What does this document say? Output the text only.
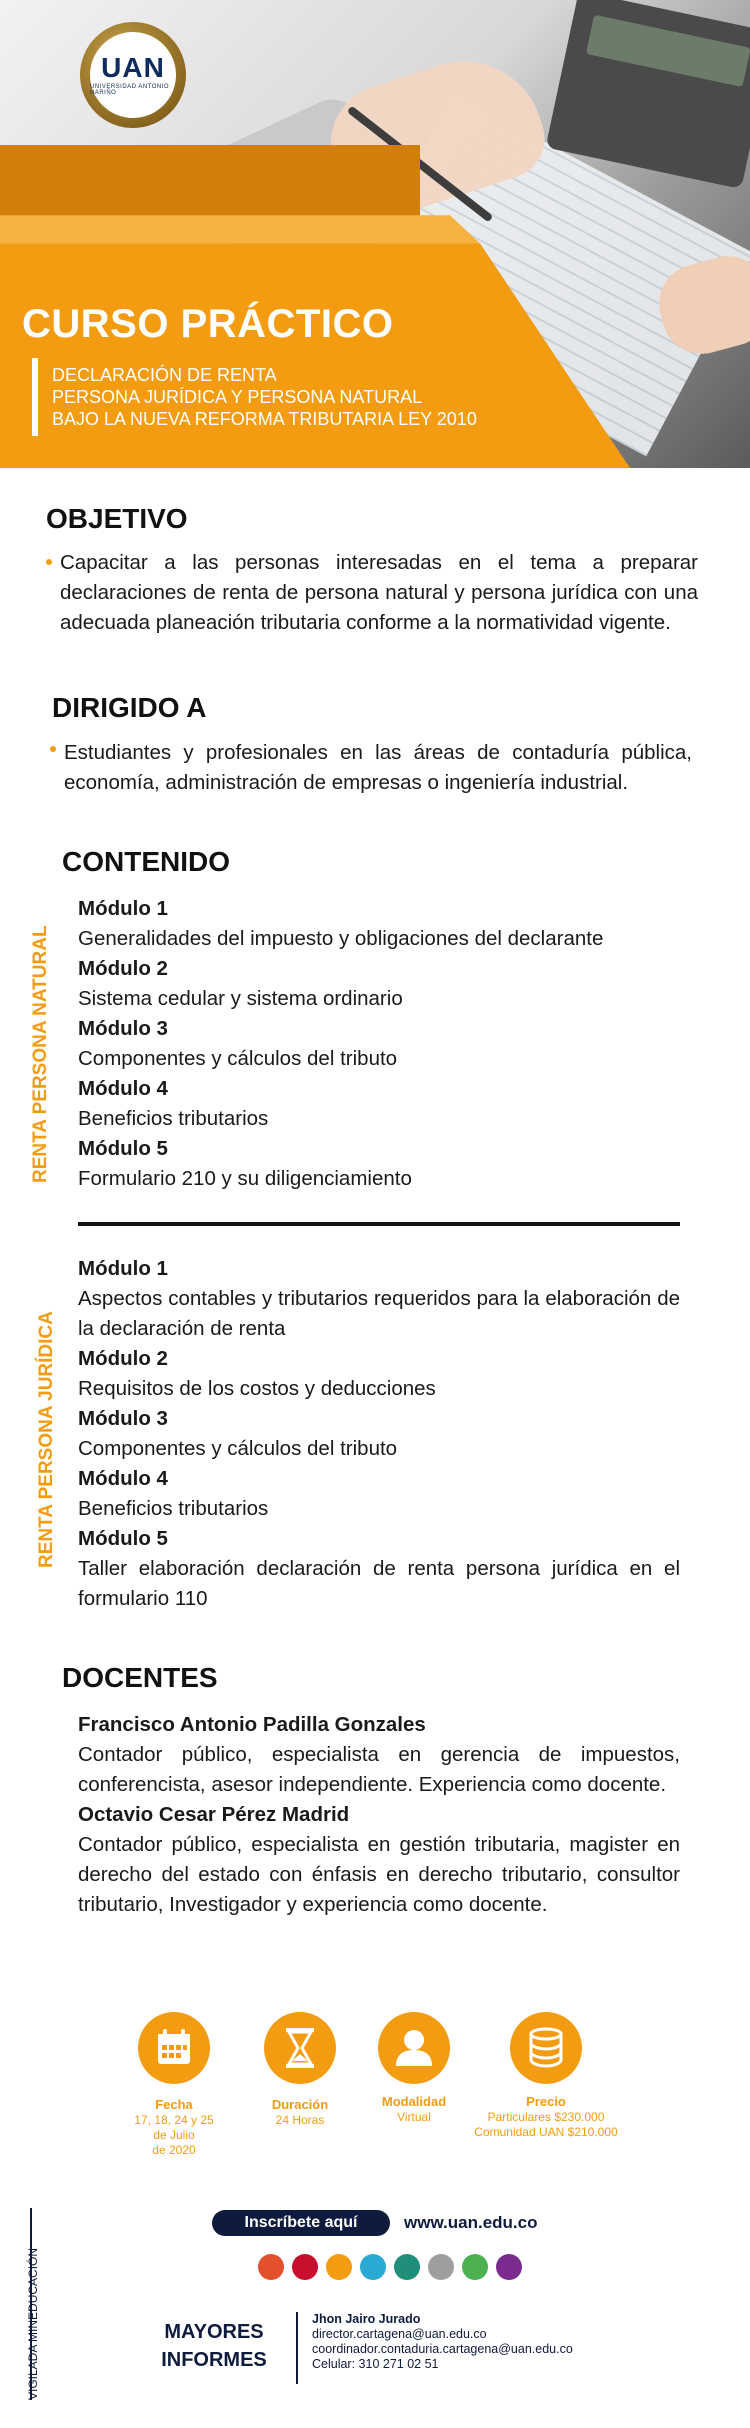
UAN
UNIVERSIDAD ANTONIO NARIÑO
CURSO PRÁCTICO
DECLARACIÓN DE RENTA
PERSONA JURÍDICA Y PERSONA NATURAL
BAJO LA NUEVA REFORMA TRIBUTARIA LEY 2010
OBJETIVO
Capacitar a las personas interesadas en el tema a preparar declaraciones de renta de persona natural y persona jurídica con una adecuada planeación tributaria conforme a la normatividad vigente.
DIRIGIDO A
Estudiantes y profesionales en las áreas de contaduría pública, economía, administración de empresas o ingeniería industrial.
CONTENIDO
RENTA PERSONA NATURAL
Módulo 1
Generalidades del impuesto y obligaciones del declarante
Módulo 2
Sistema cedular y sistema ordinario
Módulo 3
Componentes y cálculos del tributo
Módulo 4
Beneficios tributarios
Módulo 5
Formulario 210 y su diligenciamiento
RENTA PERSONA JURÍDICA
Módulo 1
Aspectos contables y tributarios requeridos para la elaboración de la declaración de renta
Módulo 2
Requisitos de los costos y deducciones
Módulo 3
Componentes y cálculos del tributo
Módulo 4
Beneficios tributarios
Módulo 5
Taller elaboración declaración de renta persona jurídica en el formulario 110
DOCENTES
Francisco Antonio Padilla Gonzales
Contador público, especialista en gerencia de impuestos, conferencista, asesor independiente. Experiencia como docente.
Octavio Cesar Pérez Madrid
Contador público, especialista en gestión tributaria, magister en derecho del estado con énfasis en derecho tributario, consultor tributario, Investigador y experiencia como docente.
Fecha
17, 18, 24 y 25
de Julio
de 2020
Duración
24 Horas
Modalidad
Virtual
Precio
Particulares $230.000
Comunidad UAN $210.000
Inscríbete aquí	www.uan.edu.co
VIGILADA MINEDUCACIÓN	MAYORES
INFORMES
Jhon Jairo Jurado
director.cartagena@uan.edu.co
coordinador.contaduria.cartagena@uan.edu.co
Celular: 310 271 02 51
